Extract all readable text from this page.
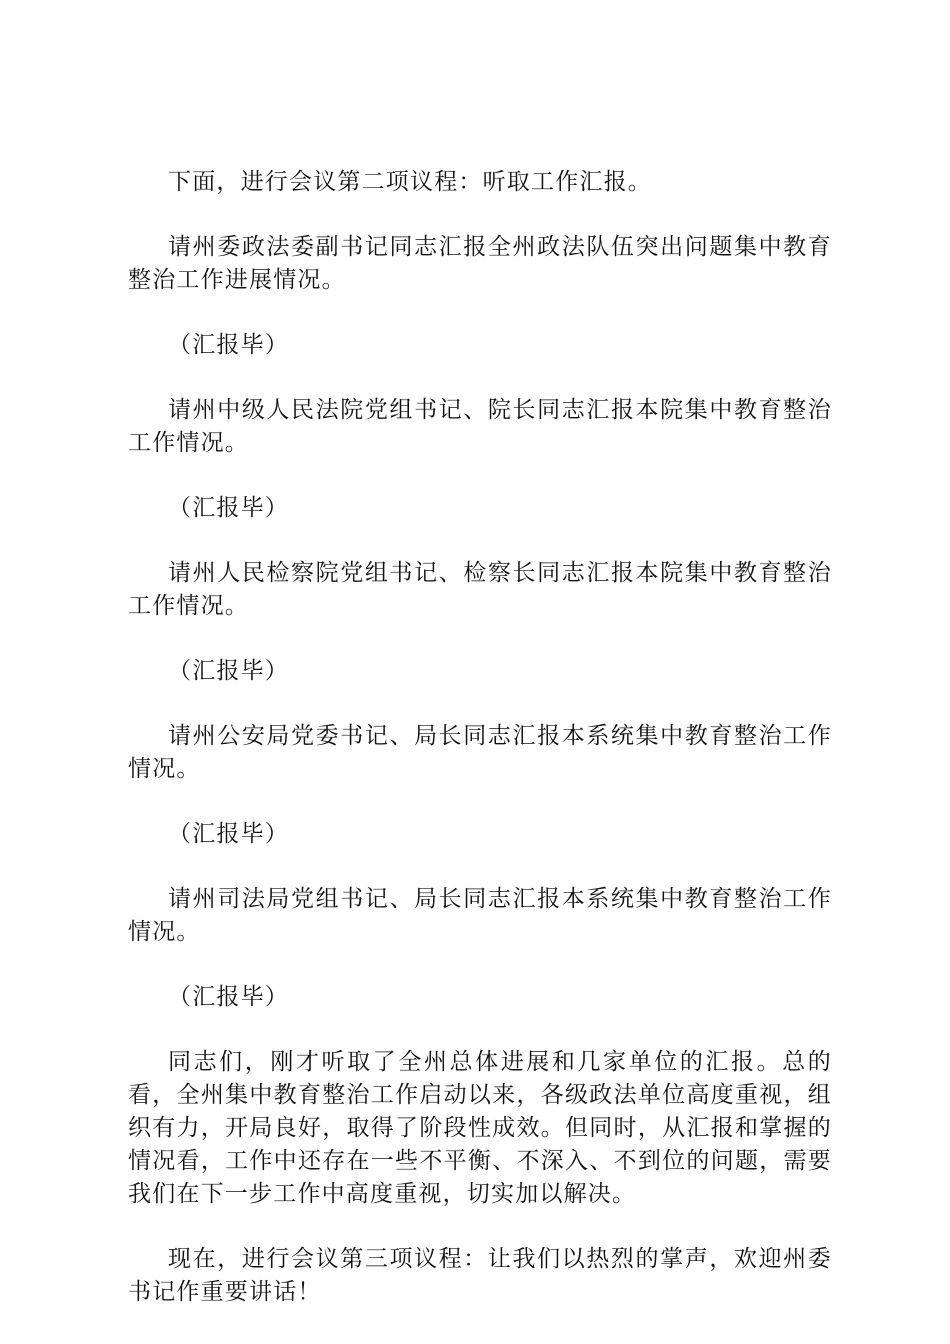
下面，进行会议第二项议程：听取工作汇报。

请州委政法委副书记同志汇报全州政法队伍突出问题集中教育整治工作进展情况。

（汇报毕）

请州中级人民法院党组书记、院长同志汇报本院集中教育整治工作情况。

（汇报毕）

请州人民检察院党组书记、检察长同志汇报本院集中教育整治工作情况。

（汇报毕）

请州公安局党委书记、局长同志汇报本系统集中教育整治工作情况。

（汇报毕）

请州司法局党组书记、局长同志汇报本系统集中教育整治工作情况。

（汇报毕）

同志们，刚才听取了全州总体进展和几家单位的汇报。总的看，全州集中教育整治工作启动以来，各级政法单位高度重视，组织有力，开局良好，取得了阶段性成效。但同时，从汇报和掌握的情况看，工作中还存在一些不平衡、不深入、不到位的问题，需要我们在下一步工作中高度重视，切实加以解决。

现在，进行会议第三项议程：让我们以热烈的掌声，欢迎州委书记作重要讲话！
